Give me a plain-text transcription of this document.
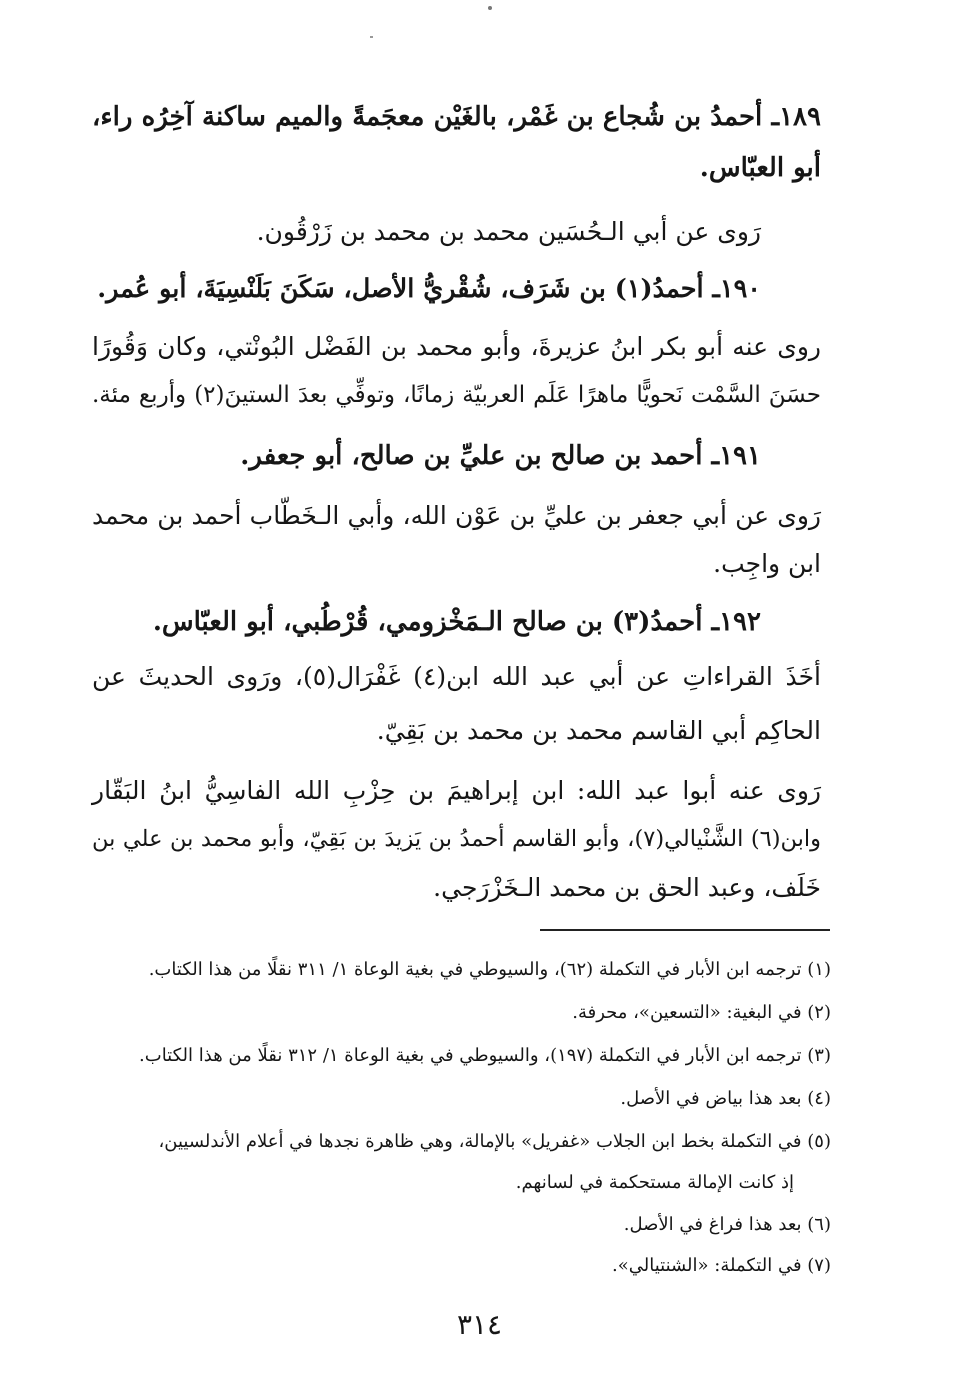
١٨٩ـ أحمدُ بن شُجاع بن غَمْر، بالغَيْن معجَمةً والميم ساكنة آخِرُه راء،
أبو العبّاس.
رَوى عن أبي الـحُسَين محمد بن محمد بن زَرْقُون.
١٩٠ـ أحمدُ(١) بن شَرَف، شُقْريُّ الأصل، سَكَنَ بَلَنْسِيَةَ، أبو عُمر.
روى عنه أبو بكر ابنُ عزيرةَ، وأبو محمد بن الفَضْل البُونْتي، وكان وَقُورًا
حسَنَ السَّمْت نَحويًّا ماهرًا عَلَم العربيّة زمانًا، وتوفِّي بعدَ الستينَ(٢) وأربع مئة.
١٩١ـ أحمد بن صالح بن عليِّ بن صالح، أبو جعفر.
رَوى عن أبي جعفر بن عليِّ بن عَوْن الله، وأبي الـخَطّاب أحمد بن محمد
ابن واجِب.
١٩٢ـ أحمدُ(٣) بن صالح الـمَخْزومي، قُرْطُبي، أبو العبّاس.
أخَذَ القراءاتِ عن أبي عبد الله ابن(٤) غَفْرَال(٥)، ورَوى الحديثَ عن
الحاكِم أبي القاسم محمد بن محمد بن بَقِيّ.
رَوى عنه أبوا عبد الله: ابن إبراهيمَ بن حِزْبِ الله الفاسِيُّ ابنُ البَقّار
وابن(٦) الشَّنْيالي(٧)، وأبو القاسم أحمدُ بن يَزيدَ بن بَقِيّ، وأبو محمد بن علي بن
خَلَف، وعبد الحق بن محمد الـخَزْرَجي.
(١) ترجمه ابن الأبار في التكملة (٦٢)، والسيوطي في بغية الوعاة ١/ ٣١١ نقلًا من هذا الكتاب.
(٢) في البغية: «التسعين»، محرفة.
(٣) ترجمه ابن الأبار في التكملة (١٩٧)، والسيوطي في بغية الوعاة ١/ ٣١٢ نقلًا من هذا الكتاب.
(٤) بعد هذا بياض في الأصل.
(٥) في التكملة بخط ابن الجلاب «غفريل» بالإمالة، وهي ظاهرة نجدها في أعلام الأندلسيين،
إذ كانت الإمالة مستحكمة في لسانهم.
(٦) بعد هذا فراغ في الأصل.
(٧) في التكملة: «الشنتيالي».
٣١٤
